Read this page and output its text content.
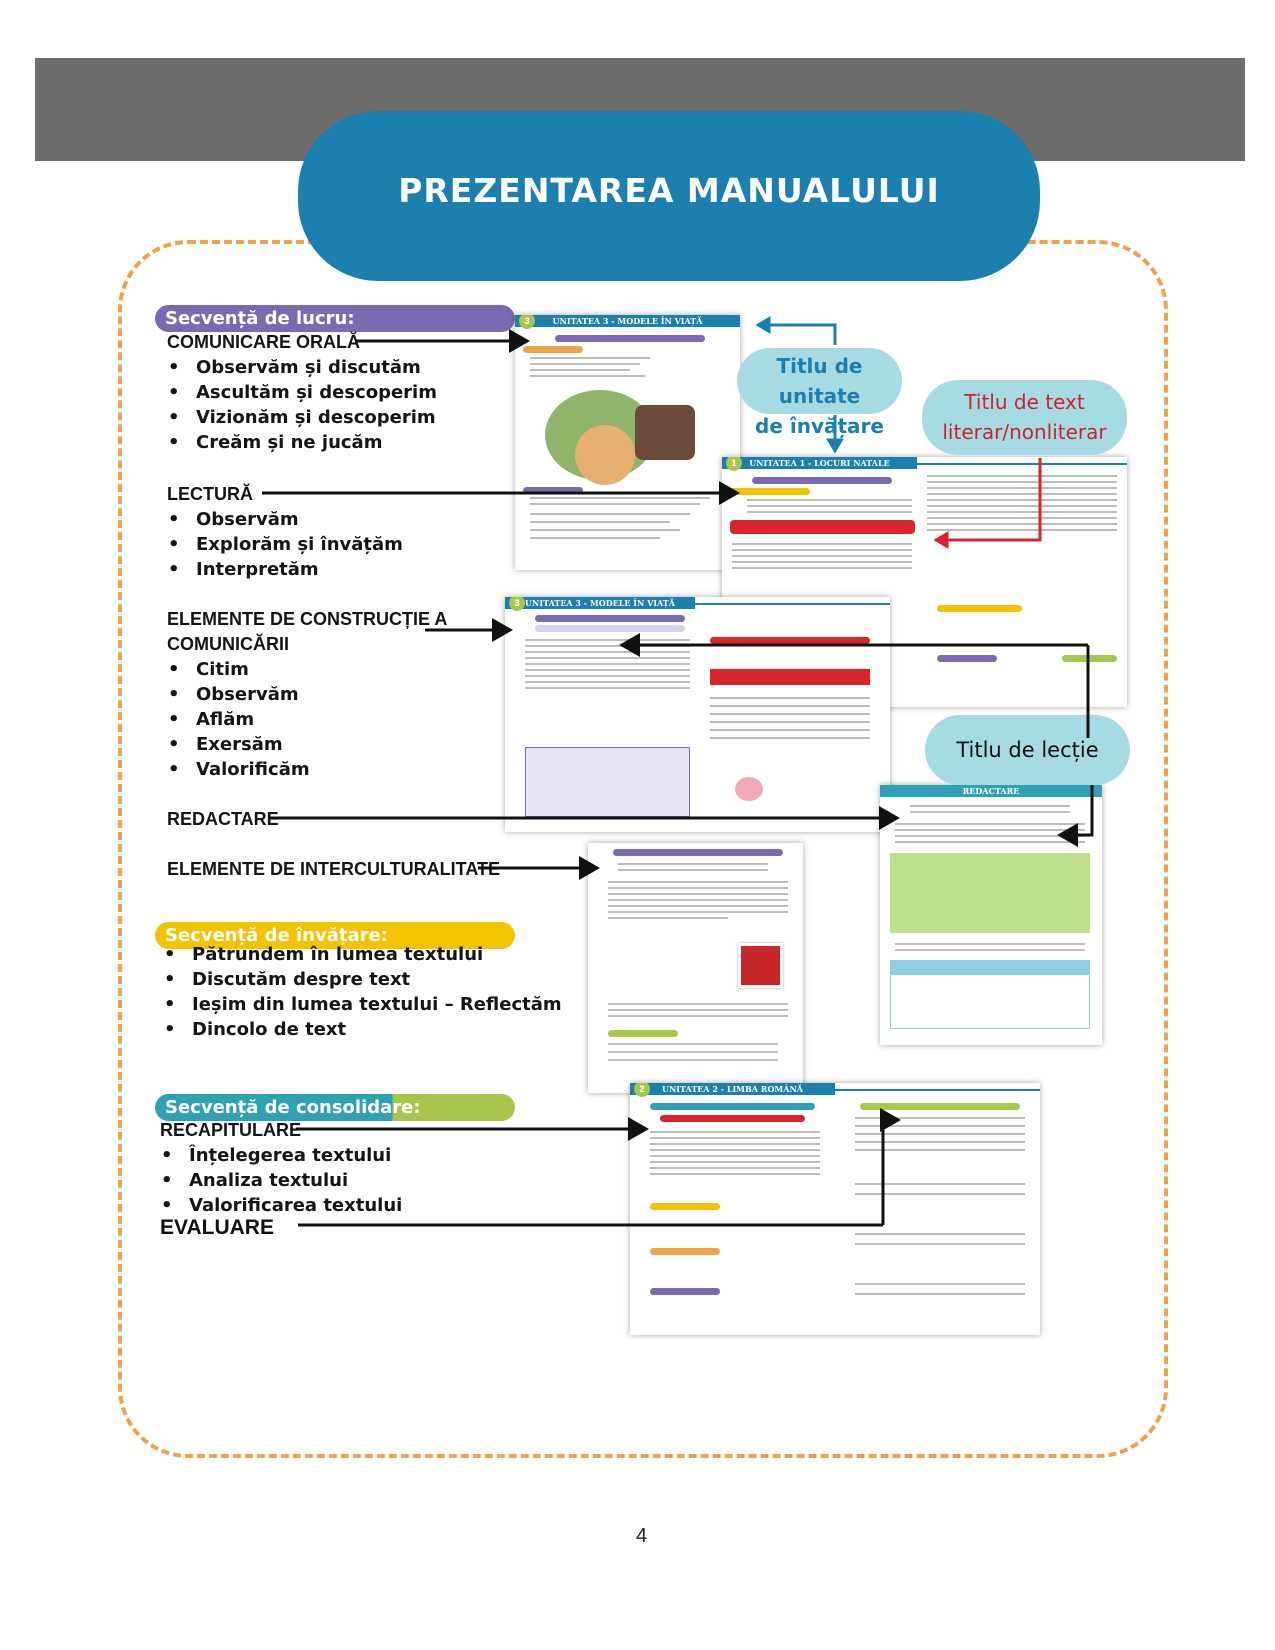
PREZENTAREA MANUALULUI
Secvență de lucru:
COMUNICARE ORALĂ
• Observăm și discutăm
• Ascultăm și descoperim
• Vizionăm și descoperim
• Creăm și ne jucăm
LECTURĂ
• Observăm
• Explorăm și învățăm
• Interpretăm
ELEMENTE DE CONSTRUCȚIE A
COMUNICĂRII
• Citim
• Observăm
• Aflăm
• Exersăm
• Valorificăm
REDACTARE
ELEMENTE DE INTERCULTURALITATE
Secvență de învățare:
• Pătrundem în lumea textului
• Discutăm despre text
• Ieșim din lumea textului – Reflectăm
• Dincolo de text
Secvență de consolidare:
RECAPITULARE
• Înțelegerea textului
• Analiza textului
• Valorificarea textului
EVALUARE
UNITATEA 3 - MODELE ÎN VIAȚĂ
3
UNITATEA 1 - LOCURI NATALE
1
UNITATEA 3 - MODELE ÎN VIAȚĂ
3
REDACTARE
UNITATEA 2 - LIMBA ROMÂNĂ
2
Titlu de unitate
de învățare
Titlu de text
literar/nonliterar
Titlu de lecție
4
